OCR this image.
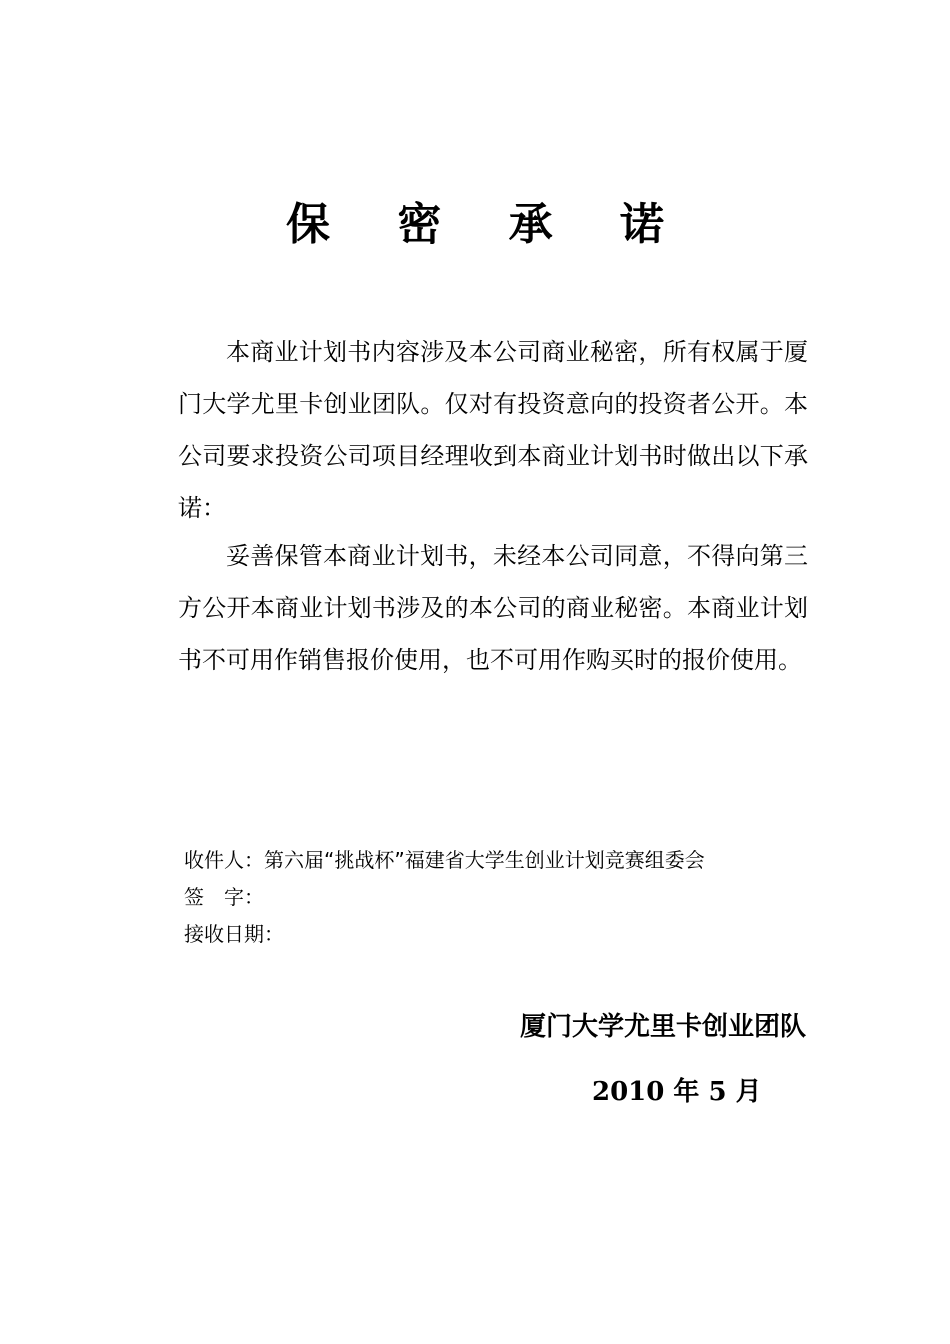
保 密 承 诺

本商业计划书内容涉及本公司商业秘密，所有权属于厦门大学尤里卡创业团队。仅对有投资意向的投资者公开。本公司要求投资公司项目经理收到本商业计划书时做出以下承诺：

妥善保管本商业计划书，未经本公司同意，不得向第三方公开本商业计划书涉及的本公司的商业秘密。本商业计划书不可用作销售报价使用，也不可用作购买时的报价使用。

收件人：第六届“挑战杯”福建省大学生创业计划竞赛组委会
签　字：
接收日期：
厦门大学尤里卡创业团队
2010 年 5 月
